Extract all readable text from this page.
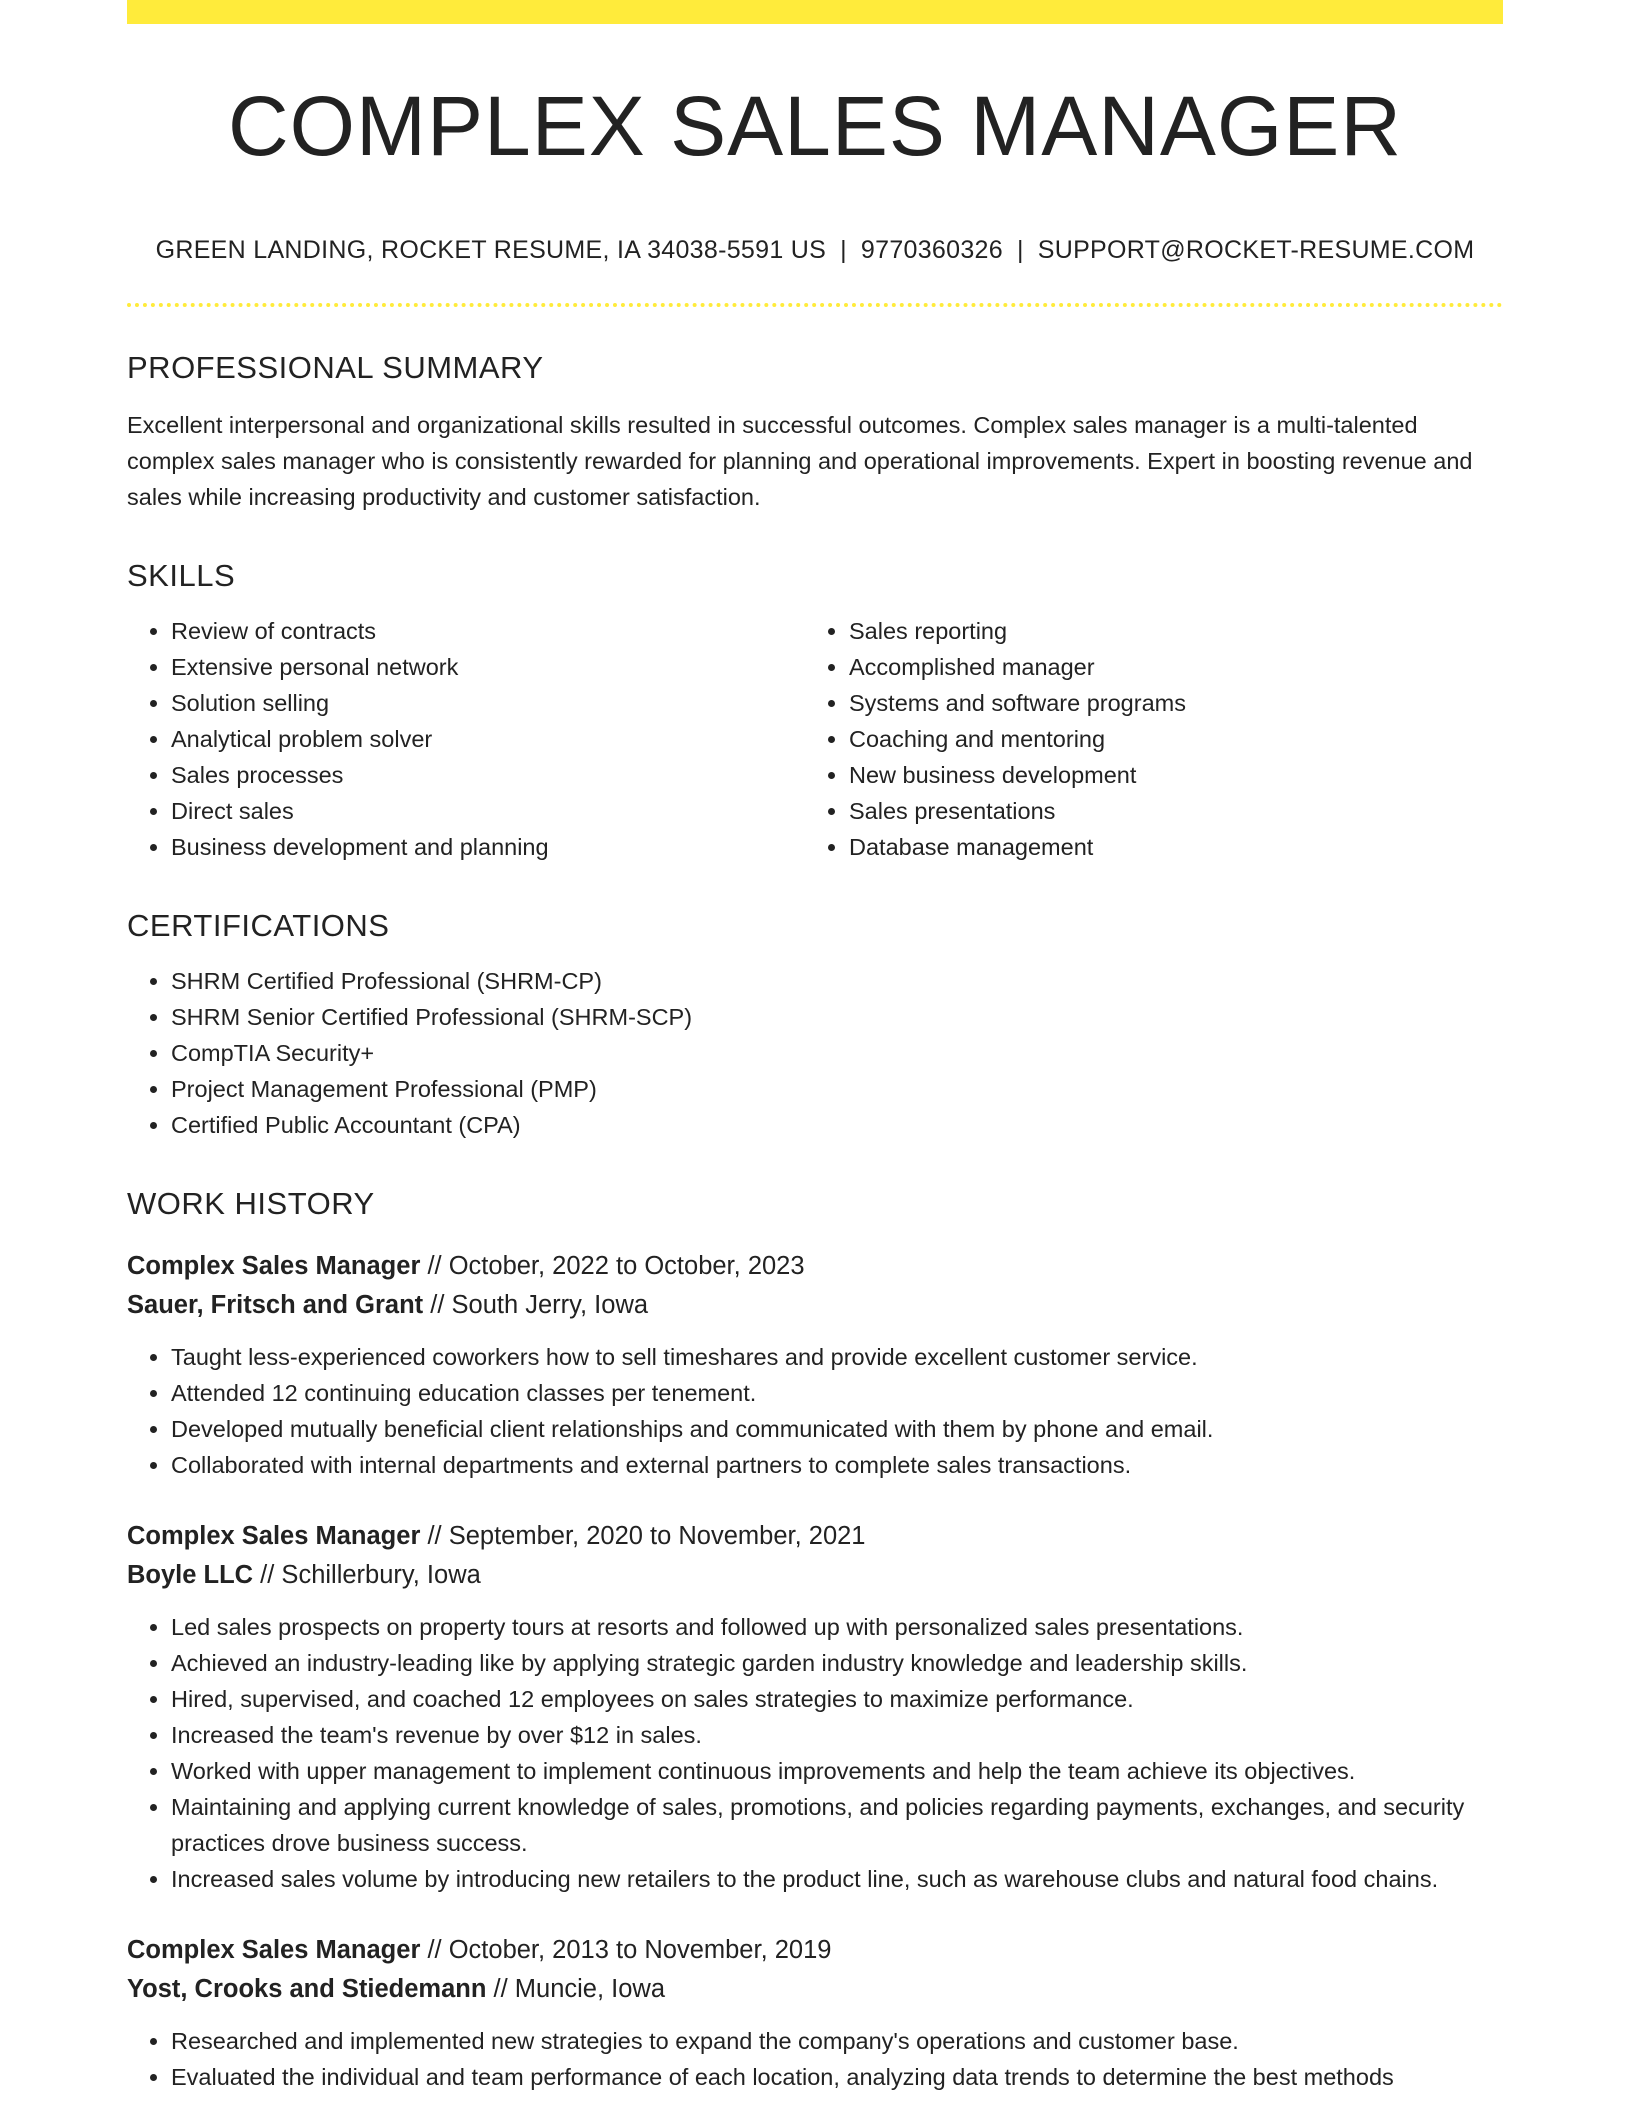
COMPLEX SALES MANAGER
GREEN LANDING, ROCKET RESUME, IA 34038-5591 US | 9770360326 | SUPPORT@ROCKET-RESUME.COM
PROFESSIONAL SUMMARY

Excellent interpersonal and organizational skills resulted in successful outcomes. Complex sales manager is a multi-talented complex sales manager who is consistently rewarded for planning and operational improvements. Expert in boosting revenue and sales while increasing productivity and customer satisfaction.

SKILLS
• Review of contracts
• Extensive personal network
• Solution selling
• Analytical problem solver
• Sales processes
• Direct sales
• Business development and planning
• Sales reporting
• Accomplished manager
• Systems and software programs
• Coaching and mentoring
• New business development
• Sales presentations
• Database management
CERTIFICATIONS
• SHRM Certified Professional (SHRM-CP)
• SHRM Senior Certified Professional (SHRM-SCP)
• CompTIA Security+
• Project Management Professional (PMP)
• Certified Public Accountant (CPA)
WORK HISTORY
Complex Sales Manager // October, 2022 to October, 2023
Sauer, Fritsch and Grant // South Jerry, Iowa
• Taught less-experienced coworkers how to sell timeshares and provide excellent customer service.
• Attended 12 continuing education classes per tenement.
• Developed mutually beneficial client relationships and communicated with them by phone and email.
• Collaborated with internal departments and external partners to complete sales transactions.
Complex Sales Manager // September, 2020 to November, 2021
Boyle LLC // Schillerbury, Iowa
• Led sales prospects on property tours at resorts and followed up with personalized sales presentations.
• Achieved an industry-leading like by applying strategic garden industry knowledge and leadership skills.
• Hired, supervised, and coached 12 employees on sales strategies to maximize performance.
• Increased the team's revenue by over $12 in sales.
• Worked with upper management to implement continuous improvements and help the team achieve its objectives.
• Maintaining and applying current knowledge of sales, promotions, and policies regarding payments, exchanges, and security practices drove business success.
• Increased sales volume by introducing new retailers to the product line, such as warehouse clubs and natural food chains.
Complex Sales Manager // October, 2013 to November, 2019
Yost, Crooks and Stiedemann // Muncie, Iowa
• Researched and implemented new strategies to expand the company's operations and customer base.
• Evaluated the individual and team performance of each location, analyzing data trends to determine the best methods
